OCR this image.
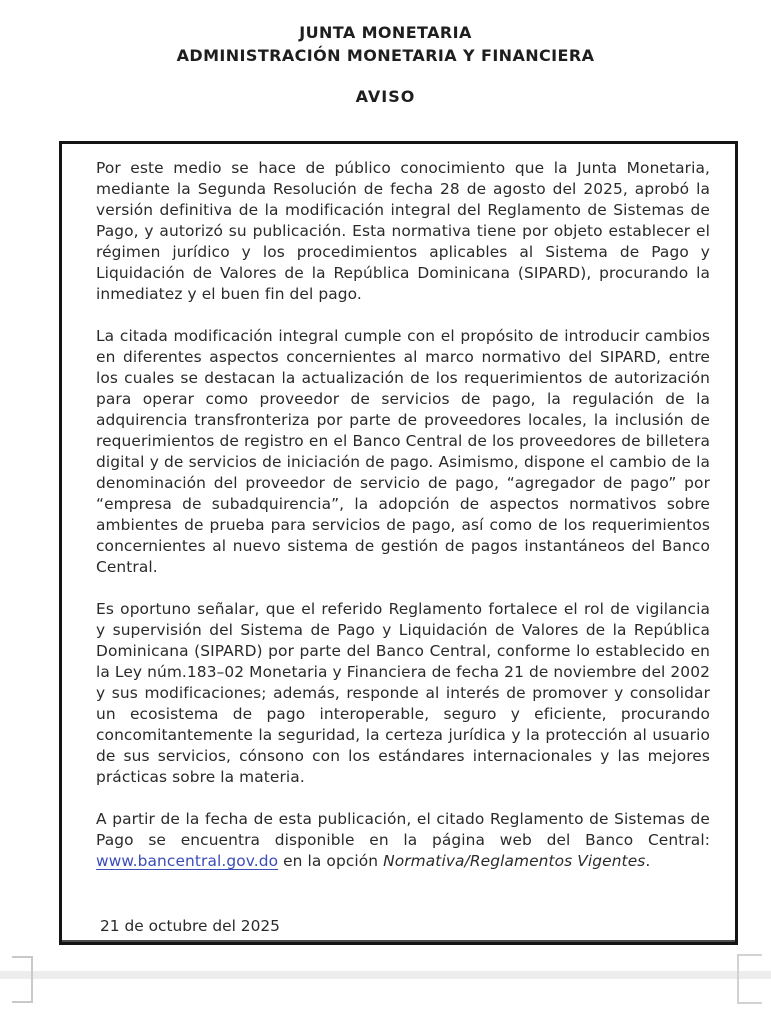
JUNTA MONETARIA
ADMINISTRACIÓN MONETARIA Y FINANCIERA
AVISO

Por este medio se hace de público conocimiento que la Junta Monetaria, mediante la Segunda Resolución de fecha 28 de agosto del 2025, aprobó la versión definitiva de la modificación integral del Reglamento de Sistemas de Pago, y autorizó su publicación. Esta normativa tiene por objeto establecer el régimen jurídico y los procedimientos aplicables al Sistema de Pago y Liquidación de Valores de la República Dominicana (SIPARD), procurando la inmediatez y el buen fin del pago.

La citada modificación integral cumple con el propósito de introducir cambios en diferentes aspectos concernientes al marco normativo del SIPARD, entre los cuales se destacan la actualización de los requerimientos de autorización para operar como proveedor de servicios de pago, la regulación de la adquirencia transfronteriza por parte de proveedores locales, la inclusión de requerimientos de registro en el Banco Central de los proveedores de billetera digital y de servicios de iniciación de pago. Asimismo, dispone el cambio de la denominación del proveedor de servicio de pago, “agregador de pago” por “empresa de subadquirencia”, la adopción de aspectos normativos sobre ambientes de prueba para servicios de pago, así como de los requerimientos concernientes al nuevo sistema de gestión de pagos instantáneos del Banco Central.

Es oportuno señalar, que el referido Reglamento fortalece el rol de vigilancia y supervisión del Sistema de Pago y Liquidación de Valores de la República Dominicana (SIPARD) por parte del Banco Central, conforme lo establecido en la Ley núm.183–02 Monetaria y Financiera de fecha 21 de noviembre del 2002 y sus modificaciones; además, responde al interés de promover y consolidar un ecosistema de pago interoperable, seguro y eficiente, procurando concomitantemente la seguridad, la certeza jurídica y la protección al usuario de sus servicios, cónsono con los estándares internacionales y las mejores prácticas sobre la materia.

A partir de la fecha de esta publicación, el citado Reglamento de Sistemas de Pago se encuentra disponible en la página web del Banco Central: www.bancentral.gov.do en la opción Normativa/Reglamentos Vigentes.

21 de octubre del 2025
